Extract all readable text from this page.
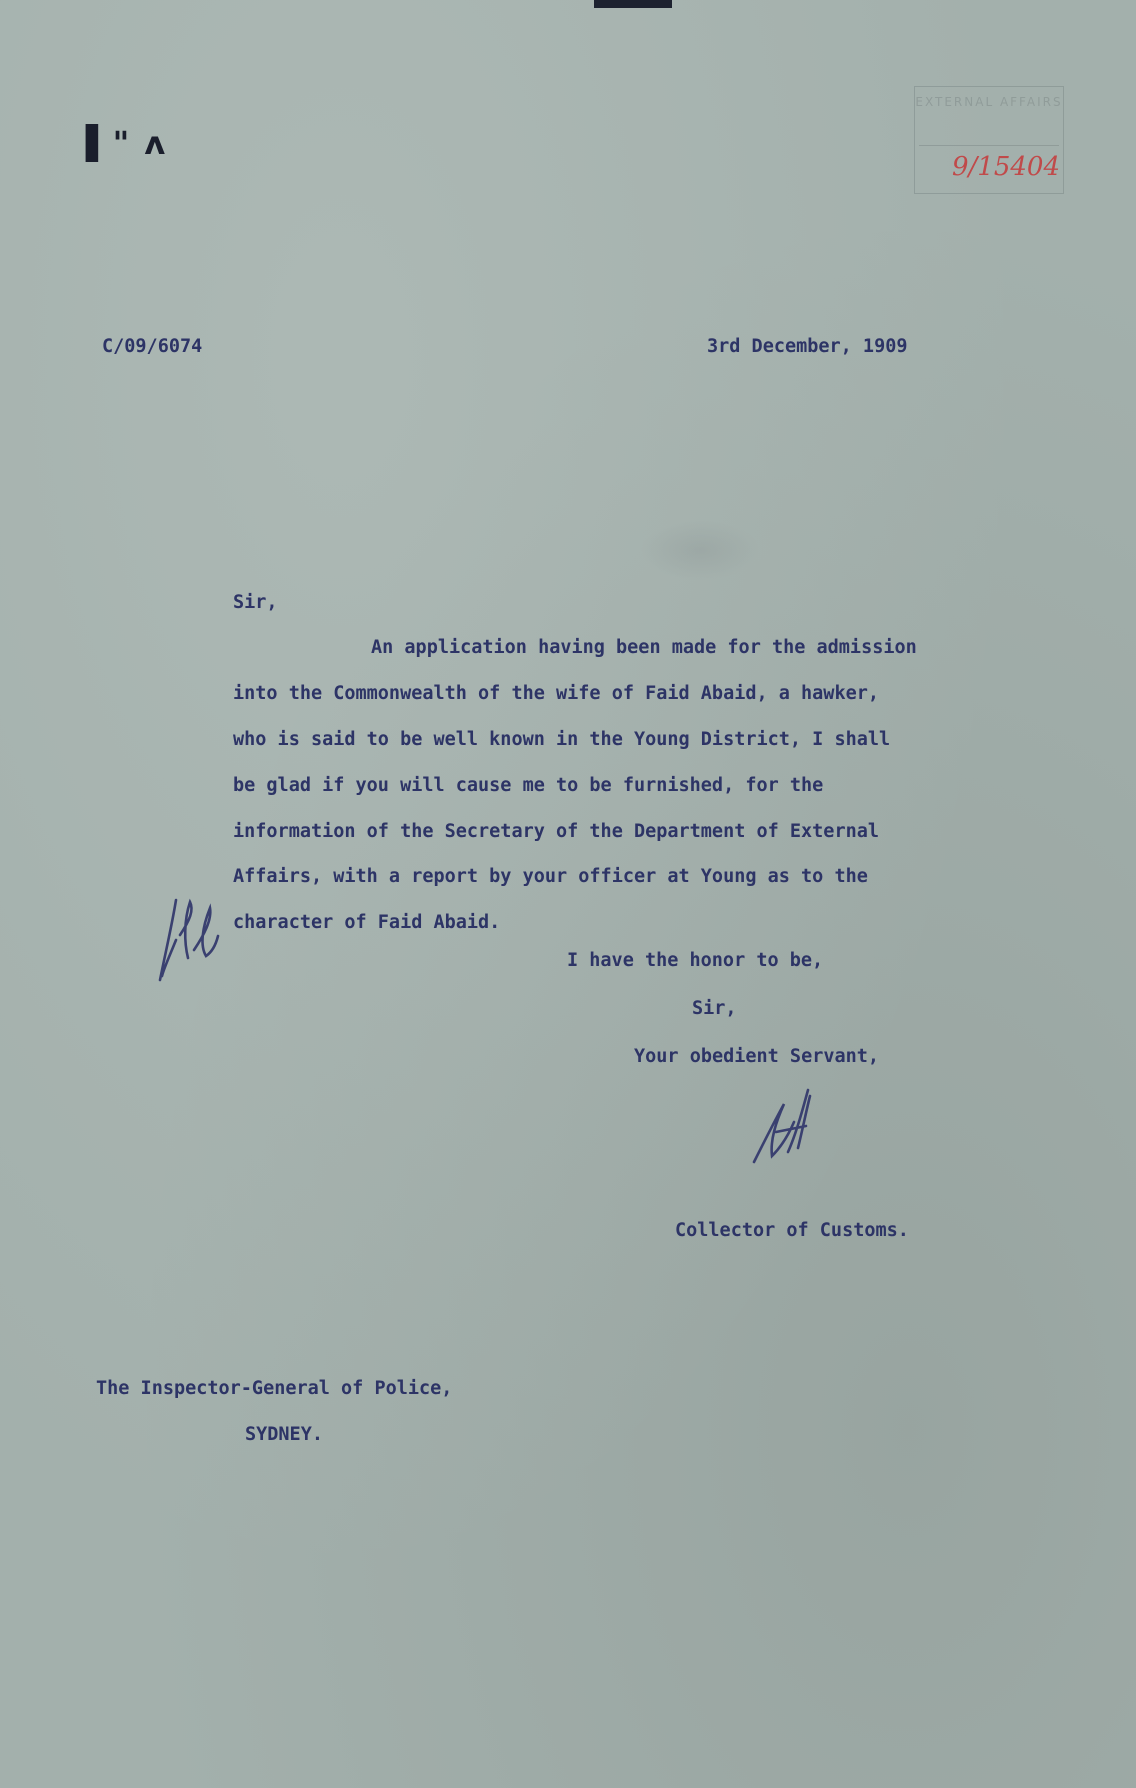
▌" ʌ
EXTERNAL AFFAIRS
9/15404
C/09/6074	3rd December, 1909
Sir,
An application having been made for the admission
into the Commonwealth of the wife of Faid Abaid, a hawker,
who is said to be well known in the Young District, I shall
be glad if you will cause me to be furnished, for the
information of the Secretary of the Department of External
Affairs, with a report by your officer at Young as to the
character of Faid Abaid.
I have the honor to be,
Sir,
Your obedient Servant,
Collector of Customs.
The Inspector-General of Police,
SYDNEY.
